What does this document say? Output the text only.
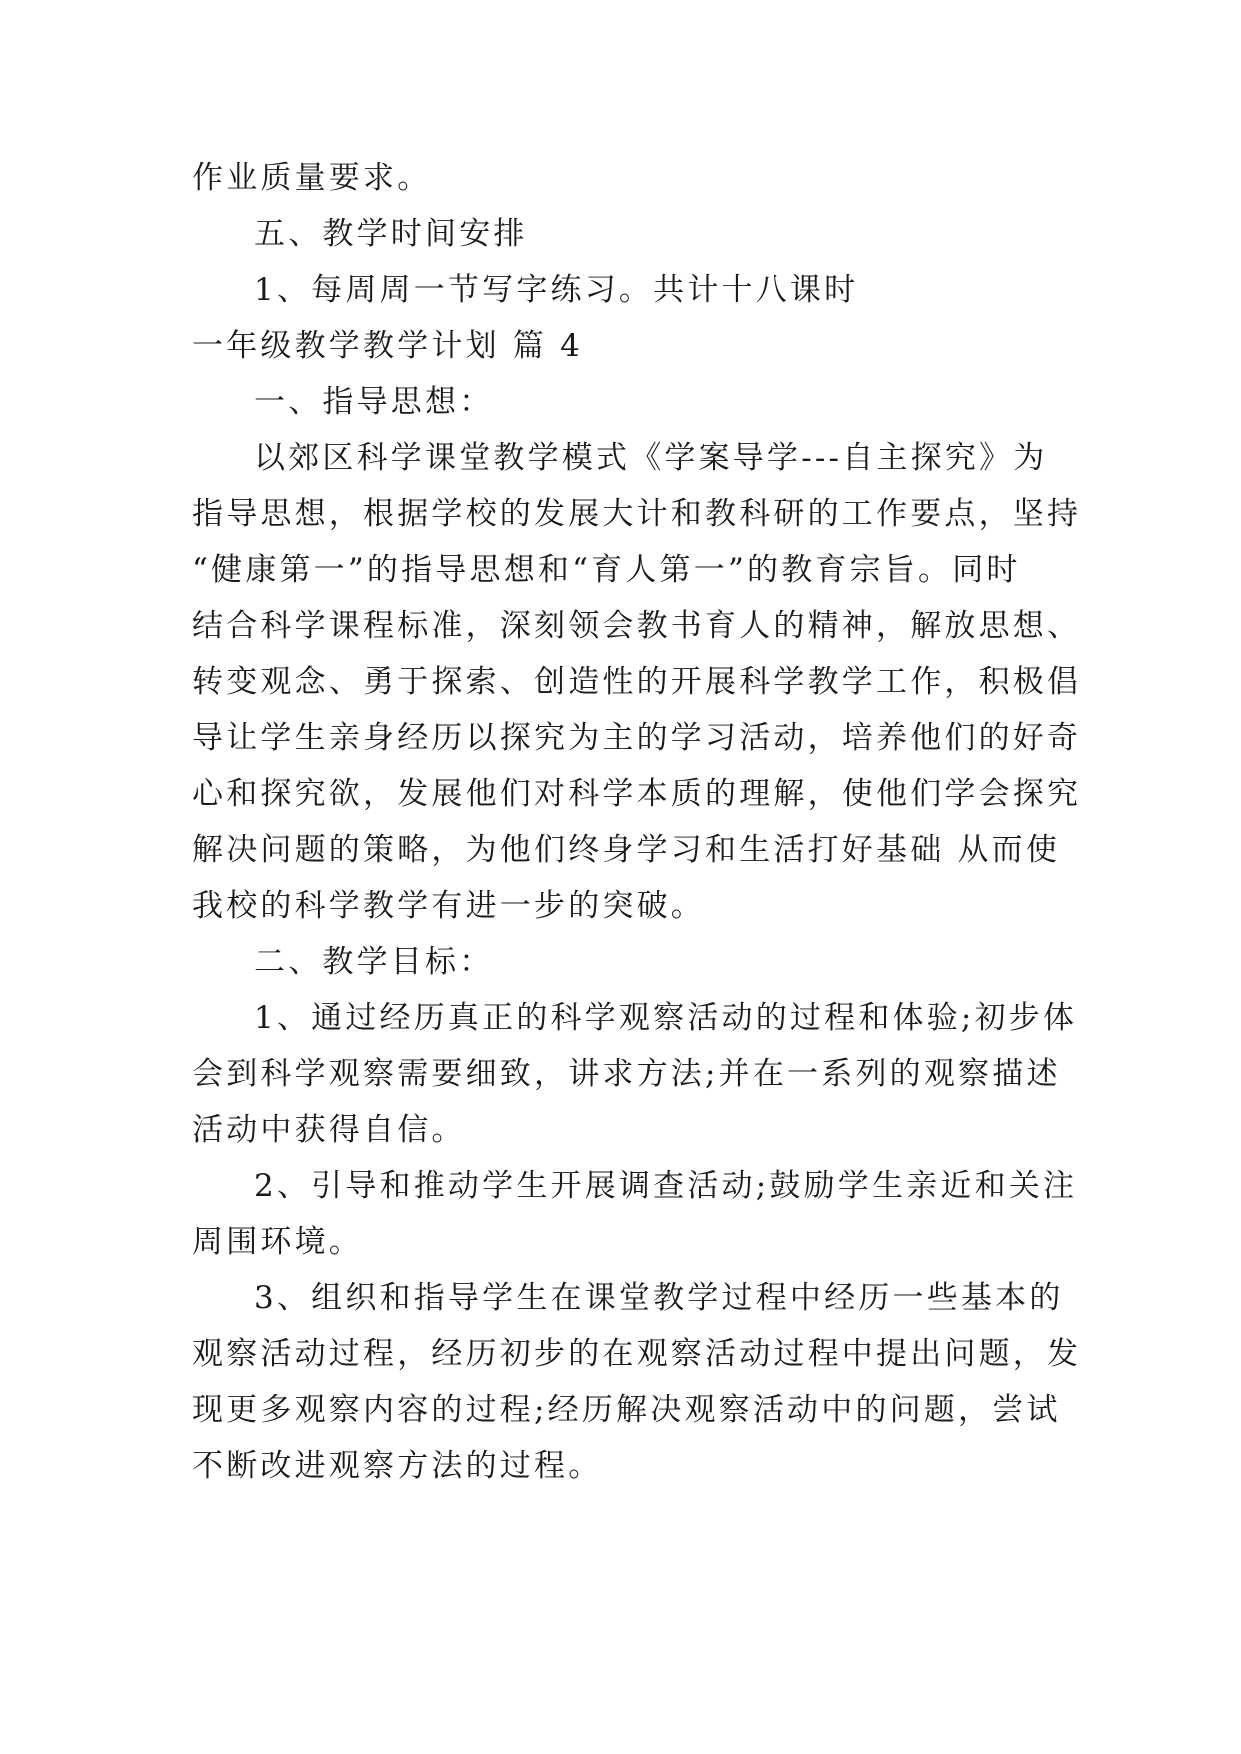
作业质量要求。
五、教学时间安排
1、每周周一节写字练习。共计十八课时
一年级教学教学计划 篇 4
一、指导思想：
以郊区科学课堂教学模式《学案导学---自主探究》为
指导思想，根据学校的发展大计和教科研的工作要点，坚持
“健康第一”的指导思想和“育人第一”的教育宗旨。同时
结合科学课程标准，深刻领会教书育人的精神，解放思想、
转变观念、勇于探索、创造性的开展科学教学工作，积极倡
导让学生亲身经历以探究为主的学习活动，培养他们的好奇
心和探究欲，发展他们对科学本质的理解，使他们学会探究
解决问题的策略，为他们终身学习和生活打好基础 从而使
我校的科学教学有进一步的突破。
二、教学目标：
1、通过经历真正的科学观察活动的过程和体验;初步体
会到科学观察需要细致，讲求方法;并在一系列的观察描述
活动中获得自信。
2、引导和推动学生开展调查活动;鼓励学生亲近和关注
周围环境。
3、组织和指导学生在课堂教学过程中经历一些基本的
观察活动过程，经历初步的在观察活动过程中提出问题，发
现更多观察内容的过程;经历解决观察活动中的问题，尝试
不断改进观察方法的过程。
